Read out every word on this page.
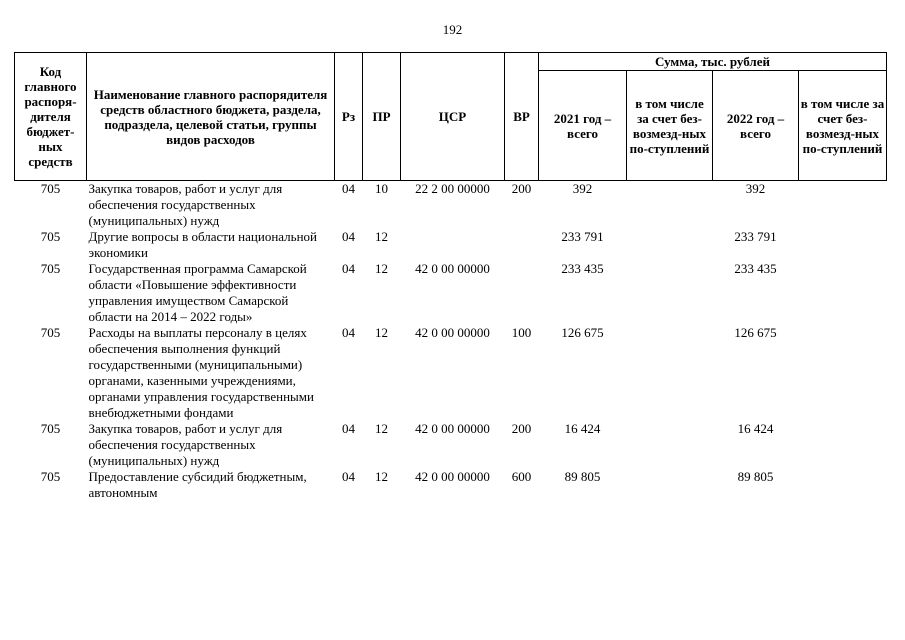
192
Код главного распоря-дителя бюджет-ных средств	Наименование главного распорядителя средств областного бюджета, раздела, подраздела, целевой статьи, группы видов расходов	Рз	ПР	ЦСР	ВР	Сумма, тыс. рублей			
						2021 год – всего	в том числе за счет без-возмезд-ных по-ступлений	2022 год – всего	в том числе за счет без-возмезд-ных по-ступлений
705	Закупка товаров, работ и услуг для обеспечения государственных (муниципальных) нужд	04	10	22 2 00 00000	200	392		392	
705	Другие вопросы в области национальной экономики	04	12			233 791		233 791	
705	Государственная программа Самарской области «Повышение эффективности управления имуществом Самарской области на 2014 – 2022 годы»	04	12	42 0 00 00000		233 435		233 435	
705	Расходы на выплаты персоналу в целях обеспечения выполнения функций государственными (муниципальными) органами, казенными учреждениями, органами управления государственными внебюджетными фондами	04	12	42 0 00 00000	100	126 675		126 675	
705	Закупка товаров, работ и услуг для обеспечения государственных (муниципальных) нужд	04	12	42 0 00 00000	200	16 424		16 424	
705	Предоставление субсидий бюджетным, автономным	04	12	42 0 00 00000	600	89 805		89 805	
